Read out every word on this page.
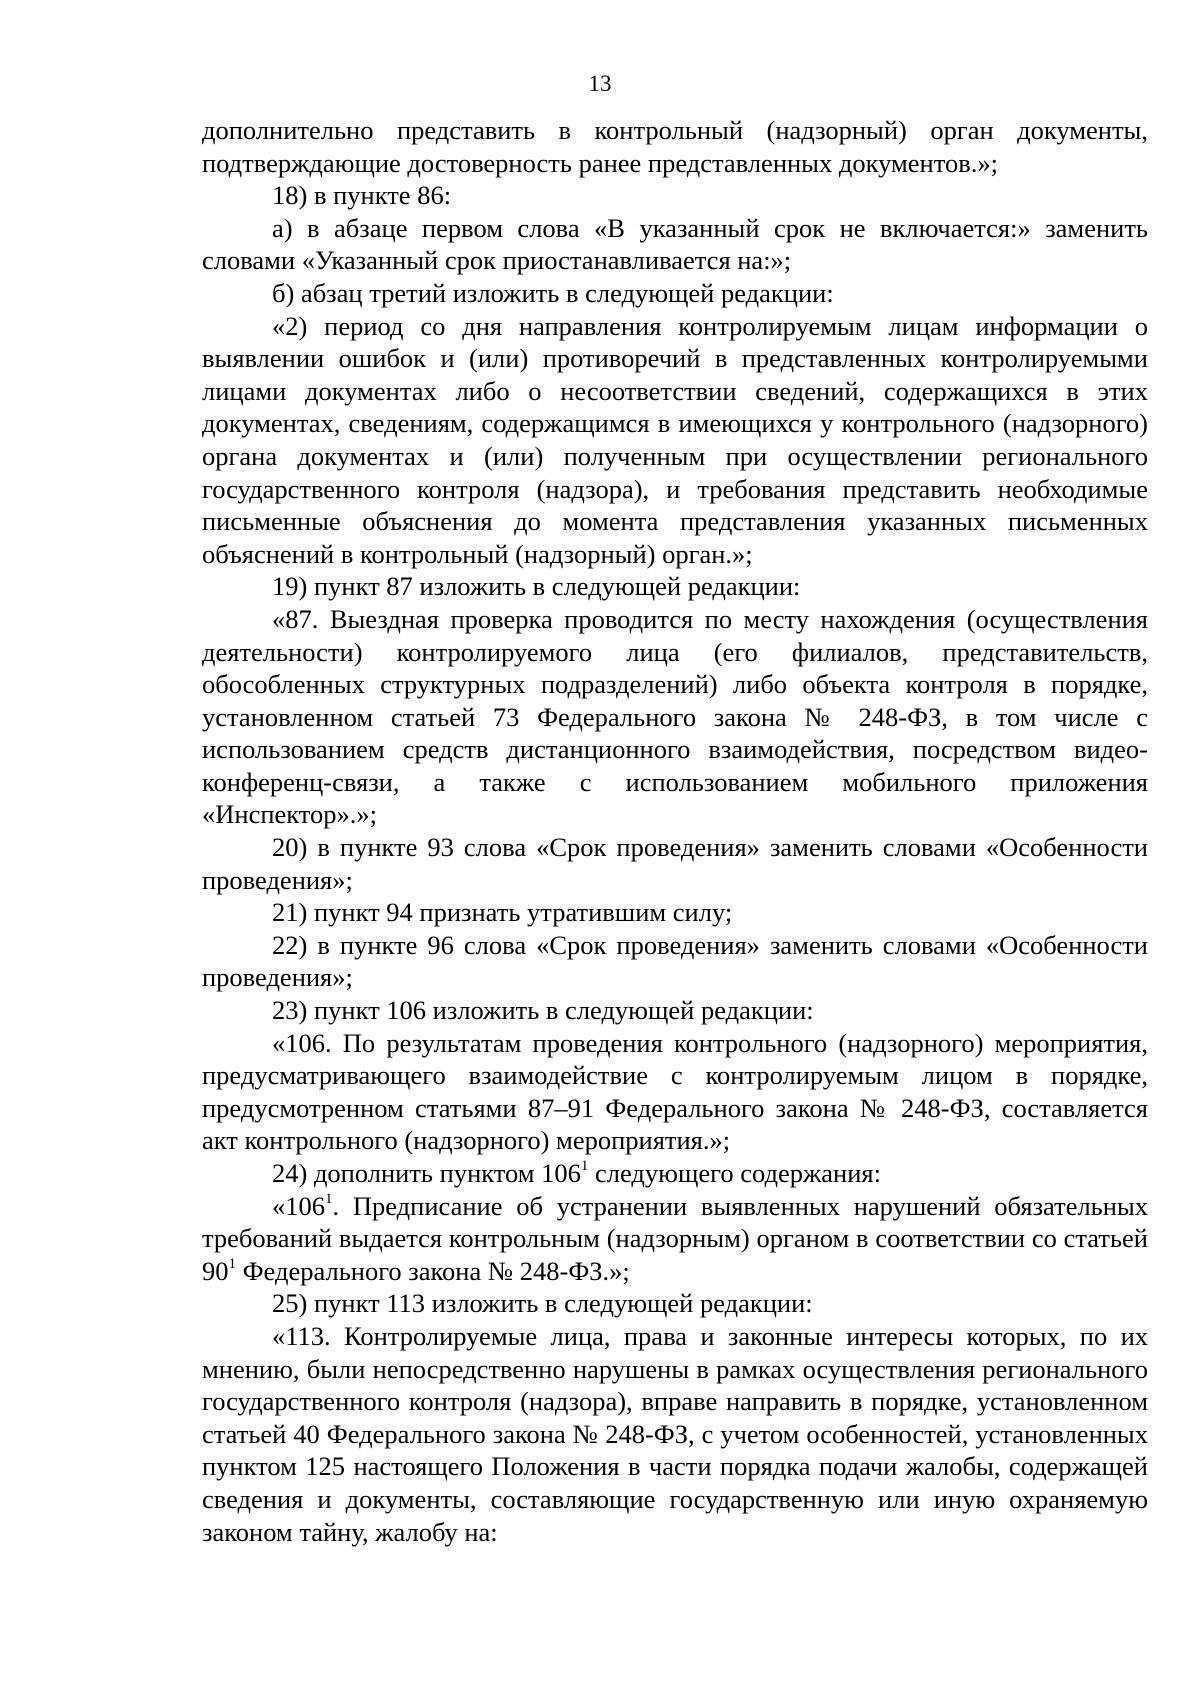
13

дополнительно представить в контрольный (надзорный) орган документы, подтверждающие достоверность ранее представленных документов.»;

18) в пункте 86:

а) в абзаце первом слова «В указанный срок не включается:» заменить словами «Указанный срок приостанавливается на:»;

б) абзац третий изложить в следующей редакции:

«2) период со дня направления контролируемым лицам информации о выявлении ошибок и (или) противоречий в представленных контролируемыми лицами документах либо о несоответствии сведений, содержащихся в этих документах, сведениям, содержащимся в имеющихся у контрольного (надзорного) органа документах и (или) полученным при осуществлении регионального государственного контроля (надзора), и требования представить необходимые письменные объяснения до момента представления указанных письменных объяснений в контрольный (надзорный) орган.»;

19) пункт 87 изложить в следующей редакции:

«87. Выездная проверка проводится по месту нахождения (осуществления деятельности) контролируемого лица (его филиалов, представительств, обособленных структурных подразделений) либо объекта контроля в порядке, установленном статьей 73 Федерального закона № 248-ФЗ, в том числе с использованием средств дистанционного взаимодействия, посредством видео-конференц-связи, а также с использованием мобильного приложения «Инспектор».»;

20) в пункте 93 слова «Срок проведения» заменить словами «Особенности проведения»;

21) пункт 94 признать утратившим силу;

22) в пункте 96 слова «Срок проведения» заменить словами «Особенности проведения»;

23) пункт 106 изложить в следующей редакции:

«106. По результатам проведения контрольного (надзорного) мероприятия, предусматривающего взаимодействие с контролируемым лицом в порядке, предусмотренном статьями 87–91 Федерального закона № 248-ФЗ, составляется акт контрольного (надзорного) мероприятия.»;

24) дополнить пунктом $106^1$ следующего содержания:

«$106^1$. Предписание об устранении выявленных нарушений обязательных требований выдается контрольным (надзорным) органом в соответствии со статьей $90^1$ Федерального закона № 248-ФЗ.»;

25) пункт 113 изложить в следующей редакции:

«113. Контролируемые лица, права и законные интересы которых, по их мнению, были непосредственно нарушены в рамках осуществления регионального государственного контроля (надзора), вправе направить в порядке, установленном статьей 40 Федерального закона № 248-ФЗ, с учетом особенностей, установленных пунктом 125 настоящего Положения в части порядка подачи жалобы, содержащей сведения и документы, составляющие государственную или иную охраняемую законом тайну, жалобу на:
